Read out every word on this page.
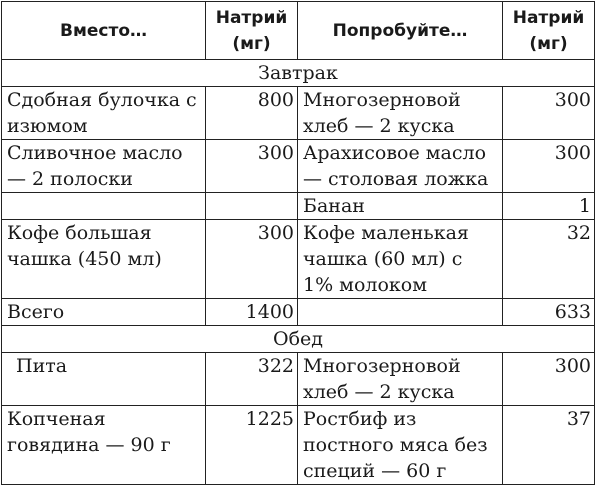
Вместо…	Натрий (мг)	Попробуйте…	Натрий (мг)
Завтрак			
Сдобная булочка с изюмом	800	Многозерновой хлеб — 2 куска	300
Сливочное масло — 2 полоски	300	Арахисовое масло — столовая ложка	300
		Банан	1
Кофе большая чашка (450 мл)	300	Кофе маленькая чашка (60 мл) с 1% молоком	32
Всего	1400		633
Обед			
Пита	322	Многозерновой хлеб — 2 куска	300
Копченая говядина — 90 г	1225	Ростбиф из постного мяса без специй — 60 г	37
